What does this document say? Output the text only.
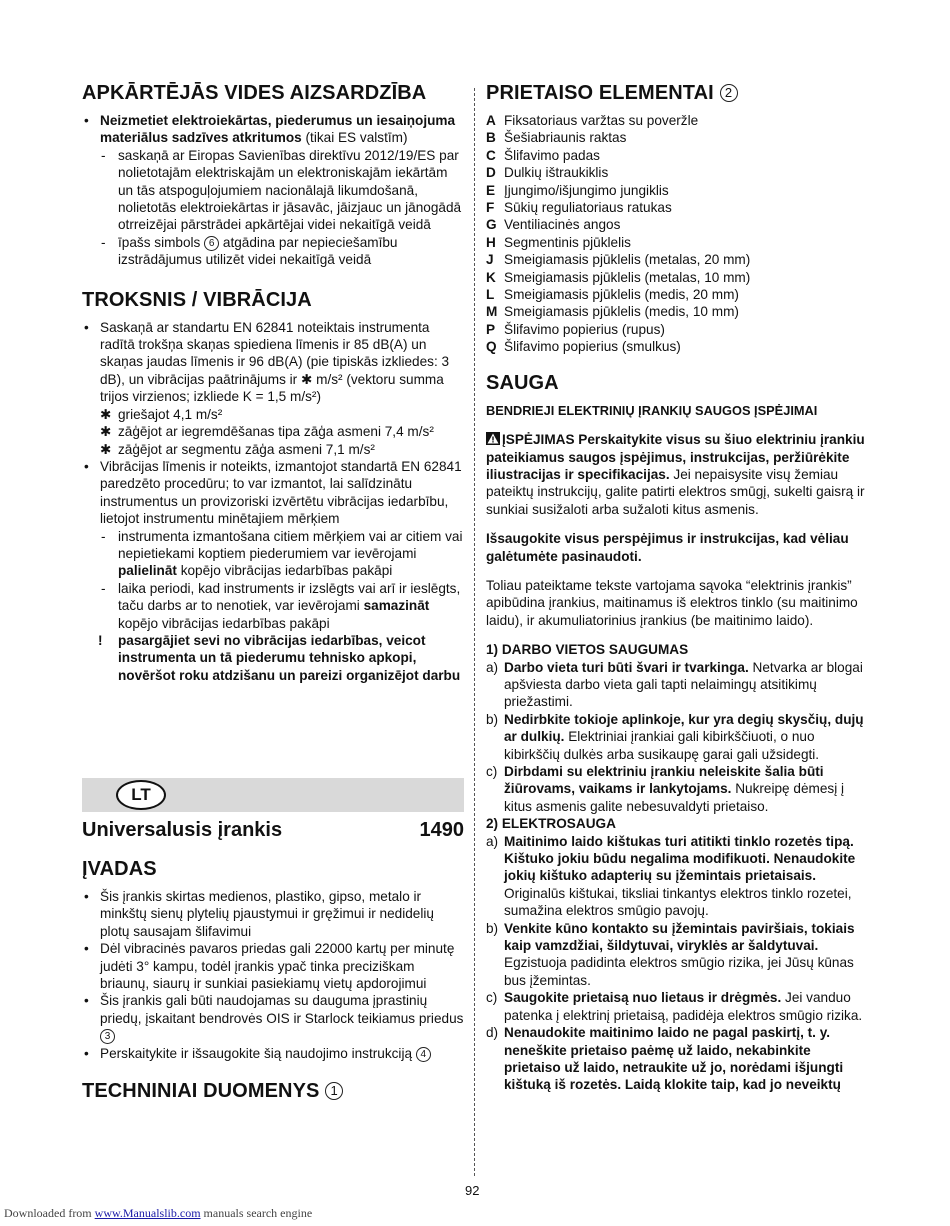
APKĀRTĒJĀS VIDES AIZSARDZĪBA
• Neizmetiet elektroiekārtas, piederumus un iesaiņojuma materiālus sadzīves atkritumos (tikai ES valstīm)
- saskaņā ar Eiropas Savienības direktīvu 2012/19/ES par nolietotajām elektriskajām un elektroniskajām iekārtām un tās atspoguļojumiem nacionālajā likumdošanā, nolietotās elektroiekārtas ir jāsavāc, jāizjauc un jānogādā otrreizējai pārstrādei apkārtējai videi nekaitīgā veidā
- īpašs simbols 6 atgādina par nepieciešamību izstrādājumus utilizēt videi nekaitīgā veidā
TROKSNIS / VIBRĀCIJA
• Saskaņā ar standartu EN 62841 noteiktais instrumenta radītā trokšņa skaņas spiediena līmenis ir 85 dB(A) un skaņas jaudas līmenis ir 96 dB(A) (pie tipiskās izkliedes: 3 dB), un vibrācijas paātrinājums ir ✱ m/s² (vektoru summa trijos virzienos; izkliede K = 1,5 m/s²)
✱ griešajot 4,1 m/s²
✱ zāģējot ar iegremdēšanas tipa zāģa asmeni 7,4 m/s²
✱ zāģējot ar segmentu zāģa asmeni 7,1 m/s²
• Vibrācijas līmenis ir noteikts, izmantojot standartā EN 62841 paredzēto procedūru; to var izmantot, lai salīdzinātu instrumentus un provizoriski izvērtētu vibrācijas iedarbību, lietojot instrumentu minētajiem mērķiem
- instrumenta izmantošana citiem mērķiem vai ar citiem vai nepietiekami koptiem piederumiem var ievērojami palielināt kopējo vibrācijas iedarbības pakāpi
- laika periodi, kad instruments ir izslēgts vai arī ir ieslēgts, taču darbs ar to nenotiek, var ievērojami samazināt kopējo vibrācijas iedarbības pakāpi
! pasargājiet sevi no vibrācijas iedarbības, veicot instrumenta un tā piederumu tehnisko apkopi, novēršot roku atdzišanu un pareizi organizējot darbu
LT
Universalusis įrankis	1490
ĮVADAS
• Šis įrankis skirtas medienos, plastiko, gipso, metalo ir minkštų sienų plytelių pjaustymui ir gręžimui ir nedidelių plotų sausajam šlifavimui
• Dėl vibracinės pavaros priedas gali 22000 kartų per minutę judėti 3° kampu, todėl įrankis ypač tinka preciziškam briaunų, siaurų ir sunkiai pasiekiamų vietų apdorojimui
• Šis įrankis gali būti naudojamas su dauguma įprastinių priedų, įskaitant bendrovės OIS ir Starlock teikiamus priedus 3
• Perskaitykite ir išsaugokite šią naudojimo instrukciją 4
TECHNINIAI DUOMENYS 1
PRIETAISO ELEMENTAI 2
A Fiksatoriaus varžtas su poveržle
B Šešiabriaunis raktas
C Šlifavimo padas
D Dulkių ištraukiklis
E Įjungimo/išjungimo jungiklis
F Sūkių reguliatoriaus ratukas
G Ventiliacinės angos
H Segmentinis pjūklelis
J Smeigiamasis pjūklelis (metalas, 20 mm)
K Smeigiamasis pjūklelis (metalas, 10 mm)
L Smeigiamasis pjūklelis (medis, 20 mm)
M Smeigiamasis pjūklelis (medis, 10 mm)
P Šlifavimo popierius (rupus)
Q Šlifavimo popierius (smulkus)
SAUGA
BENDRIEJI ELEKTRINIŲ ĮRANKIŲ SAUGOS ĮSPĖJIMAI
ĮSPĖJIMAS Perskaitykite visus su šiuo elektriniu įrankiu pateikiamus saugos įspėjimus, instrukcijas, peržiūrėkite iliustracijas ir specifikacijas. Jei nepaisysite visų žemiau pateiktų instrukcijų, galite patirti elektros smūgį, sukelti gaisrą ir sunkiai susižaloti arba sužaloti kitus asmenis.
Išsaugokite visus perspėjimus ir instrukcijas, kad vėliau galėtumėte pasinaudoti.
Toliau pateiktame tekste vartojama sąvoka “elektrinis įrankis” apibūdina įrankius, maitinamus iš elektros tinklo (su maitinimo laidu), ir akumuliatorinius įrankius (be maitinimo laido).
1) DARBO VIETOS SAUGUMAS
a) Darbo vieta turi būti švari ir tvarkinga. Netvarka ar blogai apšviesta darbo vieta gali tapti nelaimingų atsitikimų priežastimi.
b) Nedirbkite tokioje aplinkoje, kur yra degių skysčių, dujų ar dulkių. Elektriniai įrankiai gali kibirkščiuoti, o nuo kibirkščių dulkės arba susikaupę garai gali užsidegti.
c) Dirbdami su elektriniu įrankiu neleiskite šalia būti žiūrovams, vaikams ir lankytojams. Nukreipę dėmesį į kitus asmenis galite nebesuvaldyti prietaiso.
2) ELEKTROSAUGA
a) Maitinimo laido kištukas turi atitikti tinklo rozetės tipą. Kištuko jokiu būdu negalima modifikuoti. Nenaudokite jokių kištuko adapterių su įžemintais prietaisais. Originalūs kištukai, tiksliai tinkantys elektros tinklo rozetei, sumažina elektros smūgio pavojų.
b) Venkite kūno kontakto su įžemintais paviršiais, tokiais kaip vamzdžiai, šildytuvai, viryklės ar šaldytuvai. Egzistuoja padidinta elektros smūgio rizika, jei Jūsų kūnas bus įžemintas.
c) Saugokite prietaisą nuo lietaus ir drėgmės. Jei vanduo patenka į elektrinį prietaisą, padidėja elektros smūgio rizika.
d) Nenaudokite maitinimo laido ne pagal paskirtį, t. y. neneškite prietaiso paėmę už laido, nekabinkite prietaiso už laido, netraukite už jo, norėdami išjungti kištuką iš rozetės. Laidą klokite taip, kad jo neveiktų
92
Downloaded from www.Manualslib.com manuals search engine
